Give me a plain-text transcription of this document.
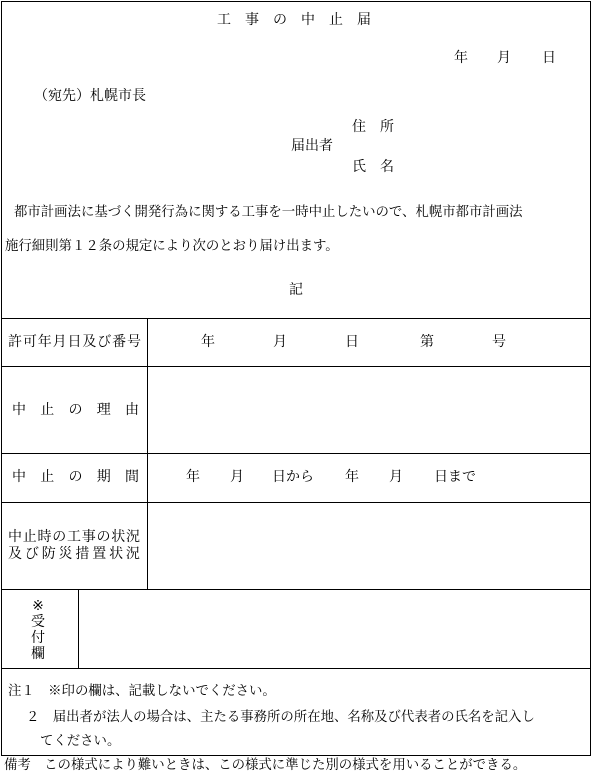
工　事　の　中　止　届
年 月 日
（宛先）札幌市長
住　所
届出者
氏　名
都市計画法に基づく開発行為に関する工事を一時中止したいので、札幌市都市計画法
施行細則第１２条の規定により次のとおり届け出ます。
記
許 可 年 月 日 及 び 番 号	年	月	日	第	号
中 止 の 理 由
中 止 の 期 間	年 月 日から 年 月 日まで
中 止 時 の 工 事 の 状 況
及 び 防 災 措 置 状 況
※
受
付
欄
注１　※印の欄は、記載しないでください。
２　届出者が法人の場合は、主たる事務所の所在地、名称及び代表者の氏名を記入し
てください。
備考　この様式により難いときは、この様式に準じた別の様式を用いることができる。
